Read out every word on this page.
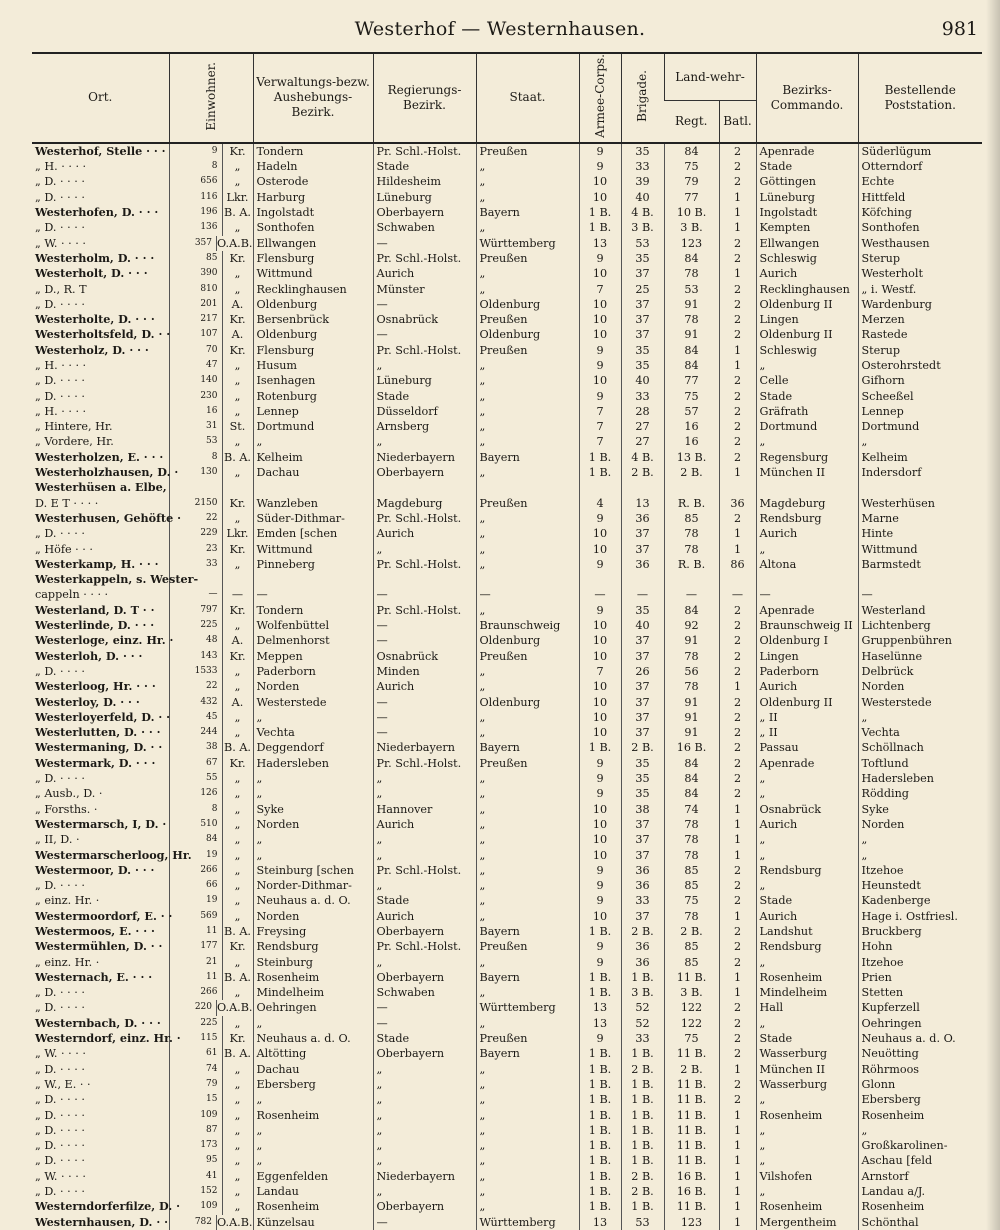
Westerhof — Westernhausen.	981
Ort.	Einwohner.	Verwaltungs-bezw. Aushebungs-Bezirk.	Regierungs-Bezirk.	Staat.	Armee-Corps.	Brigade.	Land-wehr-		Bezirks-Commando.	Bestellende Poststation.
							Regt.	Batl.		
Westerhof, Stelle · · ·	9 Kr.	Tondern	Pr. Schl.-Holst.	Preußen	9	35	84	2	Apenrade	Süderlügum
„ H. · · · ·	8 „	Hadeln	Stade	„	9	33	75	2	Stade	Otterndorf
„ D. · · · ·	656 „	Osterode	Hildesheim	„	10	39	79	2	Göttingen	Echte
„ D. · · · ·	116 Lkr.	Harburg	Lüneburg	„	10	40	77	1	Lüneburg	Hittfeld
Westerhofen, D. · · ·	196 B. A.	Ingolstadt	Oberbayern	Bayern	1 B.	4 B.	10 B.	1	Ingolstadt	Köfching
„ D. · · · ·	136 „	Sonthofen	Schwaben	„	1 B.	3 B.	3 B.	1	Kempten	Sonthofen
„ W. · · · ·	357 O.A.B.	Ellwangen	—	Württemberg	13	53	123	2	Ellwangen	Westhausen
Westerholm, D. · · ·	85 Kr.	Flensburg	Pr. Schl.-Holst.	Preußen	9	35	84	2	Schleswig	Sterup
Westerholt, D. · · ·	390 „	Wittmund	Aurich	„	10	37	78	1	Aurich	Westerholt
„ D., R. T	810 „	Recklinghausen	Münster	„	7	25	53	2	Recklinghausen	„ i. Westf.
„ D. · · · ·	201 A.	Oldenburg	—	Oldenburg	10	37	91	2	Oldenburg II	Wardenburg
Westerholte, D. · · ·	217 Kr.	Bersenbrück	Osnabrück	Preußen	10	37	78	2	Lingen	Merzen
Westerholtsfeld, D. · ·	107 A.	Oldenburg	—	Oldenburg	10	37	91	2	Oldenburg II	Rastede
Westerholz, D. · · ·	70 Kr.	Flensburg	Pr. Schl.-Holst.	Preußen	9	35	84	1	Schleswig	Sterup
„ H. · · · ·	47 „	Husum	„	„	9	35	84	1	„	Osterohrstedt
„ D. · · · ·	140 „	Isenhagen	Lüneburg	„	10	40	77	2	Celle	Gifhorn
„ D. · · · ·	230 „	Rotenburg	Stade	„	9	33	75	2	Stade	Scheeßel
„ H. · · · ·	16 „	Lennep	Düsseldorf	„	7	28	57	2	Gräfrath	Lennep
„ Hintere, Hr.	31 St.	Dortmund	Arnsberg	„	7	27	16	2	Dortmund	Dortmund
„ Vordere, Hr.	53 „	„	„	„	7	27	16	2	„	„
Westerholzen, E. · · ·	8 B. A.	Kelheim	Niederbayern	Bayern	1 B.	4 B.	13 B.	2	Regensburg	Kelheim
Westerholzhausen, D. ·	130 „	Dachau	Oberbayern	„	1 B.	2 B.	2 B.	1	München II	Indersdorf
Westerhüsen a. Elbe,	

D. E T · · · ·	2150 Kr.	Wanzleben	Magdeburg	Preußen	4	13	R. B.	36	Magdeburg	Westerhüsen
Westerhusen, Gehöfte ·	22 „	Süder-Dithmar-	Pr. Schl.-Holst.	„	9	36	85	2	Rendsburg	Marne
„ D. · · · ·	229 Lkr.	Emden [schen	Aurich	„	10	37	78	1	Aurich	Hinte
„ Höfe · · ·	23 Kr.	Wittmund	„	„	10	37	78	1	„	Wittmund
Westerkamp, H. · · ·	33 „	Pinneberg	Pr. Schl.-Holst.	„	9	36	R. B.	86	Altona	Barmstedt
Westerkappeln, s. Wester-	

cappeln · · · ·	— —	—	—	—	—	—	—	—	—	—
Westerland, D. T · ·	797 Kr.	Tondern	Pr. Schl.-Holst.	„	9	35	84	2	Apenrade	Westerland
Westerlinde, D. · · ·	225 „	Wolfenbüttel	—	Braunschweig	10	40	92	2	Braunschweig II	Lichtenberg
Westerloge, einz. Hr. ·	48 A.	Delmenhorst	—	Oldenburg	10	37	91	2	Oldenburg I	Gruppenbühren
Westerloh, D. · · ·	143 Kr.	Meppen	Osnabrück	Preußen	10	37	78	2	Lingen	Haselünne
„ D. · · · ·	1533 „	Paderborn	Minden	„	7	26	56	2	Paderborn	Delbrück
Westerloog, Hr. · · ·	22 „	Norden	Aurich	„	10	37	78	1	Aurich	Norden
Westerloy, D. · · ·	432 A.	Westerstede	—	Oldenburg	10	37	91	2	Oldenburg II	Westerstede
Westerloyerfeld, D. · ·	45 „	„	—	„	10	37	91	2	„ II	„
Westerlutten, D. · · ·	244 „	Vechta	—	„	10	37	91	2	„ II	Vechta
Westermaning, D. · ·	38 B. A.	Deggendorf	Niederbayern	Bayern	1 B.	2 B.	16 B.	2	Passau	Schöllnach
Westermark, D. · · ·	67 Kr.	Hadersleben	Pr. Schl.-Holst.	Preußen	9	35	84	2	Apenrade	Toftlund
„ D. · · · ·	55 „	„	„	„	9	35	84	2	„	Hadersleben
„ Ausb., D. ·	126 „	„	„	„	9	35	84	2	„	Rödding
„ Forsths. ·	8 „	Syke	Hannover	„	10	38	74	1	Osnabrück	Syke
Westermarsch, I, D. ·	510 „	Norden	Aurich	„	10	37	78	1	Aurich	Norden
„ II, D. ·	84 „	„	„	„	10	37	78	1	„	„
Westermarscherloog, Hr.	19 „	„	„	„	10	37	78	1	„	„
Westermoor, D. · · ·	266 „	Steinburg [schen	Pr. Schl.-Holst.	„	9	36	85	2	Rendsburg	Itzehoe
„ D. · · · ·	66 „	Norder-Dithmar-	„	„	9	36	85	2	„	Heunstedt
„ einz. Hr. ·	19 „	Neuhaus a. d. O.	Stade	„	9	33	75	2	Stade	Kadenberge
Westermoordorf, E. · ·	569 „	Norden	Aurich	„	10	37	78	1	Aurich	Hage i. Ostfriesl.
Westermoos, E. · · ·	11 B. A.	Freysing	Oberbayern	Bayern	1 B.	2 B.	2 B.	2	Landshut	Bruckberg
Westermühlen, D. · ·	177 Kr.	Rendsburg	Pr. Schl.-Holst.	Preußen	9	36	85	2	Rendsburg	Hohn
„ einz. Hr. ·	21 „	Steinburg	„	„	9	36	85	2	„	Itzehoe
Westernach, E. · · ·	11 B. A.	Rosenheim	Oberbayern	Bayern	1 B.	1 B.	11 B.	1	Rosenheim	Prien
„ D. · · · ·	266 „	Mindelheim	Schwaben	„	1 B.	3 B.	3 B.	1	Mindelheim	Stetten
„ D. · · · ·	220 O.A.B.	Oehringen	—	Württemberg	13	52	122	2	Hall	Kupferzell
Westernbach, D. · · ·	225 „	„	—	„	13	52	122	2	„	Oehringen
Westerndorf, einz. Hr. ·	115 Kr.	Neuhaus a. d. O.	Stade	Preußen	9	33	75	2	Stade	Neuhaus a. d. O.
„ W. · · · ·	61 B. A.	Altötting	Oberbayern	Bayern	1 B.	1 B.	11 B.	2	Wasserburg	Neuötting
„ D. · · · ·	74 „	Dachau	„	„	1 B.	2 B.	2 B.	1	München II	Röhrmoos
„ W., E. · ·	79 „	Ebersberg	„	„	1 B.	1 B.	11 B.	2	Wasserburg	Glonn
„ D. · · · ·	15 „	„	„	„	1 B.	1 B.	11 B.	2	„	Ebersberg
„ D. · · · ·	109 „	Rosenheim	„	„	1 B.	1 B.	11 B.	1	Rosenheim	Rosenheim
„ D. · · · ·	87 „	„	„	„	1 B.	1 B.	11 B.	1	„	„
„ D. · · · ·	173 „	„	„	„	1 B.	1 B.	11 B.	1	„	Großkarolinen-
„ D. · · · ·	95 „	„	„	„	1 B.	1 B.	11 B.	1	„	Aschau [feld
„ W. · · · ·	41 „	Eggenfelden	Niederbayern	„	1 B.	2 B.	16 B.	1	Vilshofen	Arnstorf
„ D. · · · ·	152 „	Landau	„	„	1 B.	2 B.	16 B.	1	„	Landau a/J.
Westerndorferfilze, D. ·	109 „	Rosenheim	Oberbayern	„	1 B.	1 B.	11 B.	1	Rosenheim	Rosenheim
Westernhausen, D. · ·	782 O.A.B.	Künzelsau	—	Württemberg	13	53	123	1	Mergentheim	Schönthal
